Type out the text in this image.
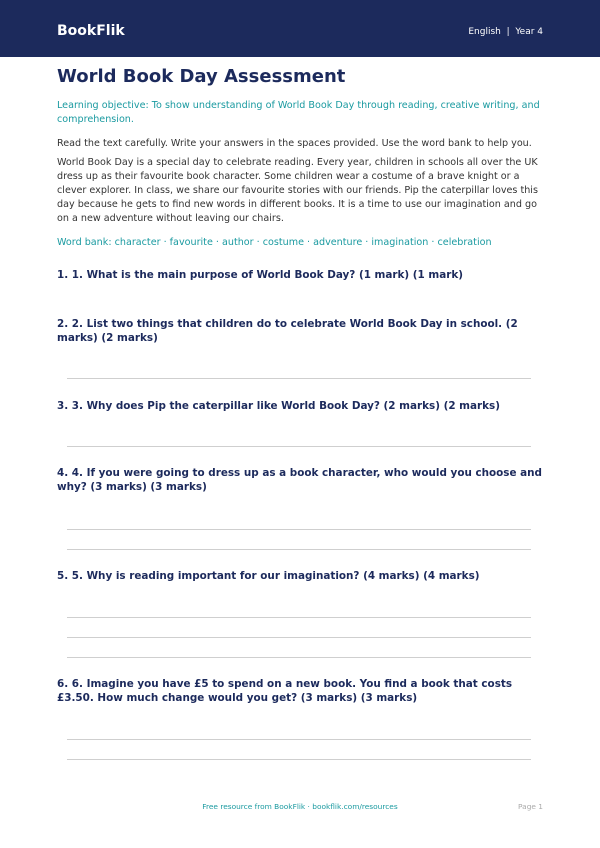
BookFlik	English  |  Year 4
World Book Day Assessment
Learning objective: To show understanding of World Book Day through reading, creative writing, and comprehension.
Read the text carefully. Write your answers in the spaces provided. Use the word bank to help you.
World Book Day is a special day to celebrate reading. Every year, children in schools all over the UK dress up as their favourite book character. Some children wear a costume of a brave knight or a clever explorer. In class, we share our favourite stories with our friends. Pip the caterpillar loves this day because he gets to find new words in different books. It is a time to use our imagination and go on a new adventure without leaving our chairs.
Word bank: character · favourite · author · costume · adventure · imagination · celebration
1. 1. What is the main purpose of World Book Day? (1 mark) (1 mark)
2. 2. List two things that children do to celebrate World Book Day in school. (2 marks) (2 marks)
3. 3. Why does Pip the caterpillar like World Book Day? (2 marks) (2 marks)
4. 4. If you were going to dress up as a book character, who would you choose and why? (3 marks) (3 marks)
5. 5. Why is reading important for our imagination? (4 marks) (4 marks)
6. 6. Imagine you have £5 to spend on a new book. You find a book that costs £3.50. How much change would you get? (3 marks) (3 marks)
Free resource from BookFlik · bookflik.com/resources	Page 1
